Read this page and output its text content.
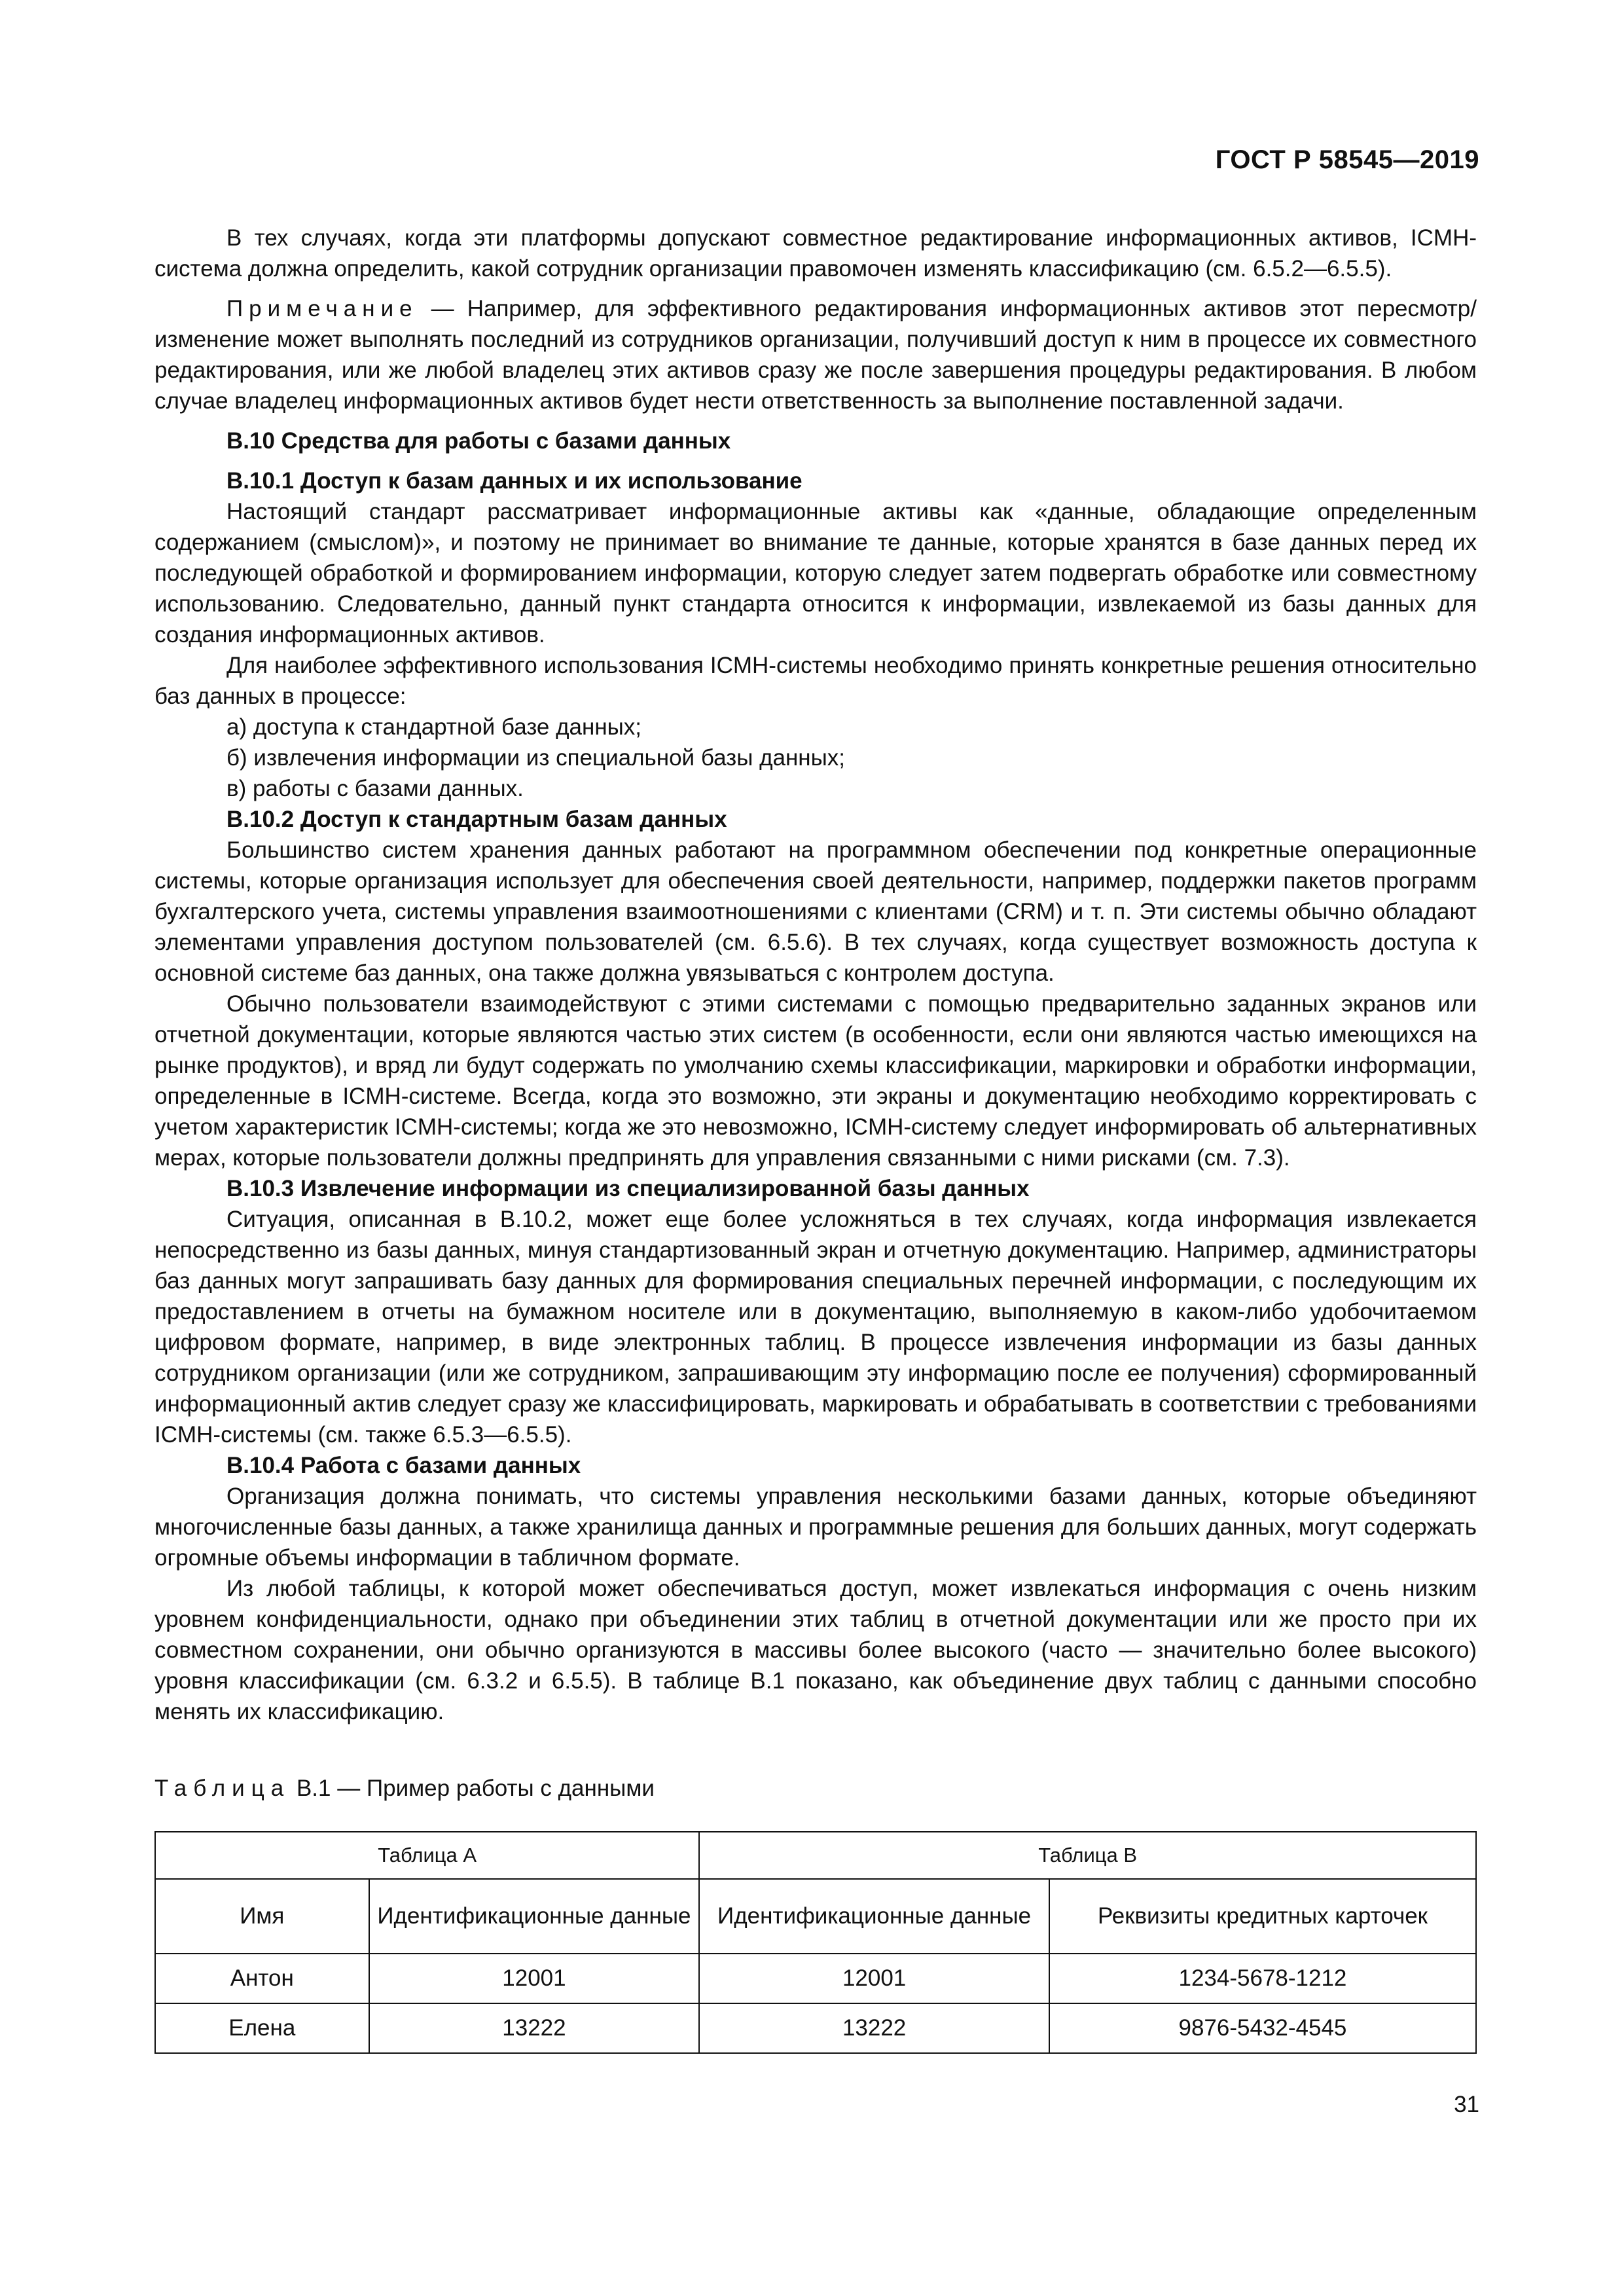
ГОСТ Р 58545—2019

В тех случаях, когда эти платформы допускают совместное редактирование информационных активов, ICMH-система должна определить, какой сотрудник организации правомочен изменять классификацию (см. 6.5.2—6.5.5).

Примечание — Например, для эффективного редактирования информационных активов этот пересмотр/изменение может выполнять последний из сотрудников организации, получивший доступ к ним в процессе их совместного редактирования, или же любой владелец этих активов сразу же после завершения процедуры редактирования. В любом случае владелец информационных активов будет нести ответственность за выполнение поставленной задачи.

В.10 Средства для работы с базами данных

В.10.1 Доступ к базам данных и их использование

Настоящий стандарт рассматривает информационные активы как «данные, обладающие определенным содержанием (смыслом)», и поэтому не принимает во внимание те данные, которые хранятся в базе данных перед их последующей обработкой и формированием информации, которую следует затем подвергать обработке или совместному использованию. Следовательно, данный пункт стандарта относится к информации, извлекаемой из базы данных для создания информационных активов.

Для наиболее эффективного использования ICMH-системы необходимо принять конкретные решения относительно баз данных в процессе:

а) доступа к стандартной базе данных;

б) извлечения информации из специальной базы данных;

в) работы с базами данных.

В.10.2 Доступ к стандартным базам данных

Большинство систем хранения данных работают на программном обеспечении под конкретные операционные системы, которые организация использует для обеспечения своей деятельности, например, поддержки пакетов программ бухгалтерского учета, системы управления взаимоотношениями с клиентами (CRM) и т. п. Эти системы обычно обладают элементами управления доступом пользователей (см. 6.5.6). В тех случаях, когда существует возможность доступа к основной системе баз данных, она также должна увязываться с контролем доступа.

Обычно пользователи взаимодействуют с этими системами с помощью предварительно заданных экранов или отчетной документации, которые являются частью этих систем (в особенности, если они являются частью имеющихся на рынке продуктов), и вряд ли будут содержать по умолчанию схемы классификации, маркировки и обработки информации, определенные в ICMH-системе. Всегда, когда это возможно, эти экраны и документацию необходимо корректировать с учетом характеристик ICMH-системы; когда же это невозможно, ICMH-систему следует информировать об альтернативных мерах, которые пользователи должны предпринять для управления связанными с ними рисками (см. 7.3).

В.10.3 Извлечение информации из специализированной базы данных

Ситуация, описанная в В.10.2, может еще более усложняться в тех случаях, когда информация извлекается непосредственно из базы данных, минуя стандартизованный экран и отчетную документацию. Например, администраторы баз данных могут запрашивать базу данных для формирования специальных перечней информации, с последующим их предоставлением в отчеты на бумажном носителе или в документацию, выполняемую в каком-либо удобочитаемом цифровом формате, например, в виде электронных таблиц. В процессе извлечения информации из базы данных сотрудником организации (или же сотрудником, запрашивающим эту информацию после ее получения) сформированный информационный актив следует сразу же классифицировать, маркировать и обрабатывать в соответствии с требованиями ICMH-системы (см. также 6.5.3—6.5.5).

В.10.4 Работа с базами данных

Организация должна понимать, что системы управления несколькими базами данных, которые объединяют многочисленные базы данных, а также хранилища данных и программные решения для больших данных, могут содержать огромные объемы информации в табличном формате.

Из любой таблицы, к которой может обеспечиваться доступ, может извлекаться информация с очень низким уровнем конфиденциальности, однако при объединении этих таблиц в отчетной документации или же просто при их совместном сохранении, они обычно организуются в массивы более высокого (часто — значительно более высокого) уровня классификации (см. 6.3.2 и 6.5.5). В таблице В.1 показано, как объединение двух таблиц с данными способно менять их классификацию.

Таблица В.1 — Пример работы с данными
Таблица А		Таблица В	
Имя	Идентификационные данные	Идентификационные данные	Реквизиты кредитных карточек
Антон	12001	12001	1234-5678-1212
Елена	13222	13222	9876-5432-4545
31
